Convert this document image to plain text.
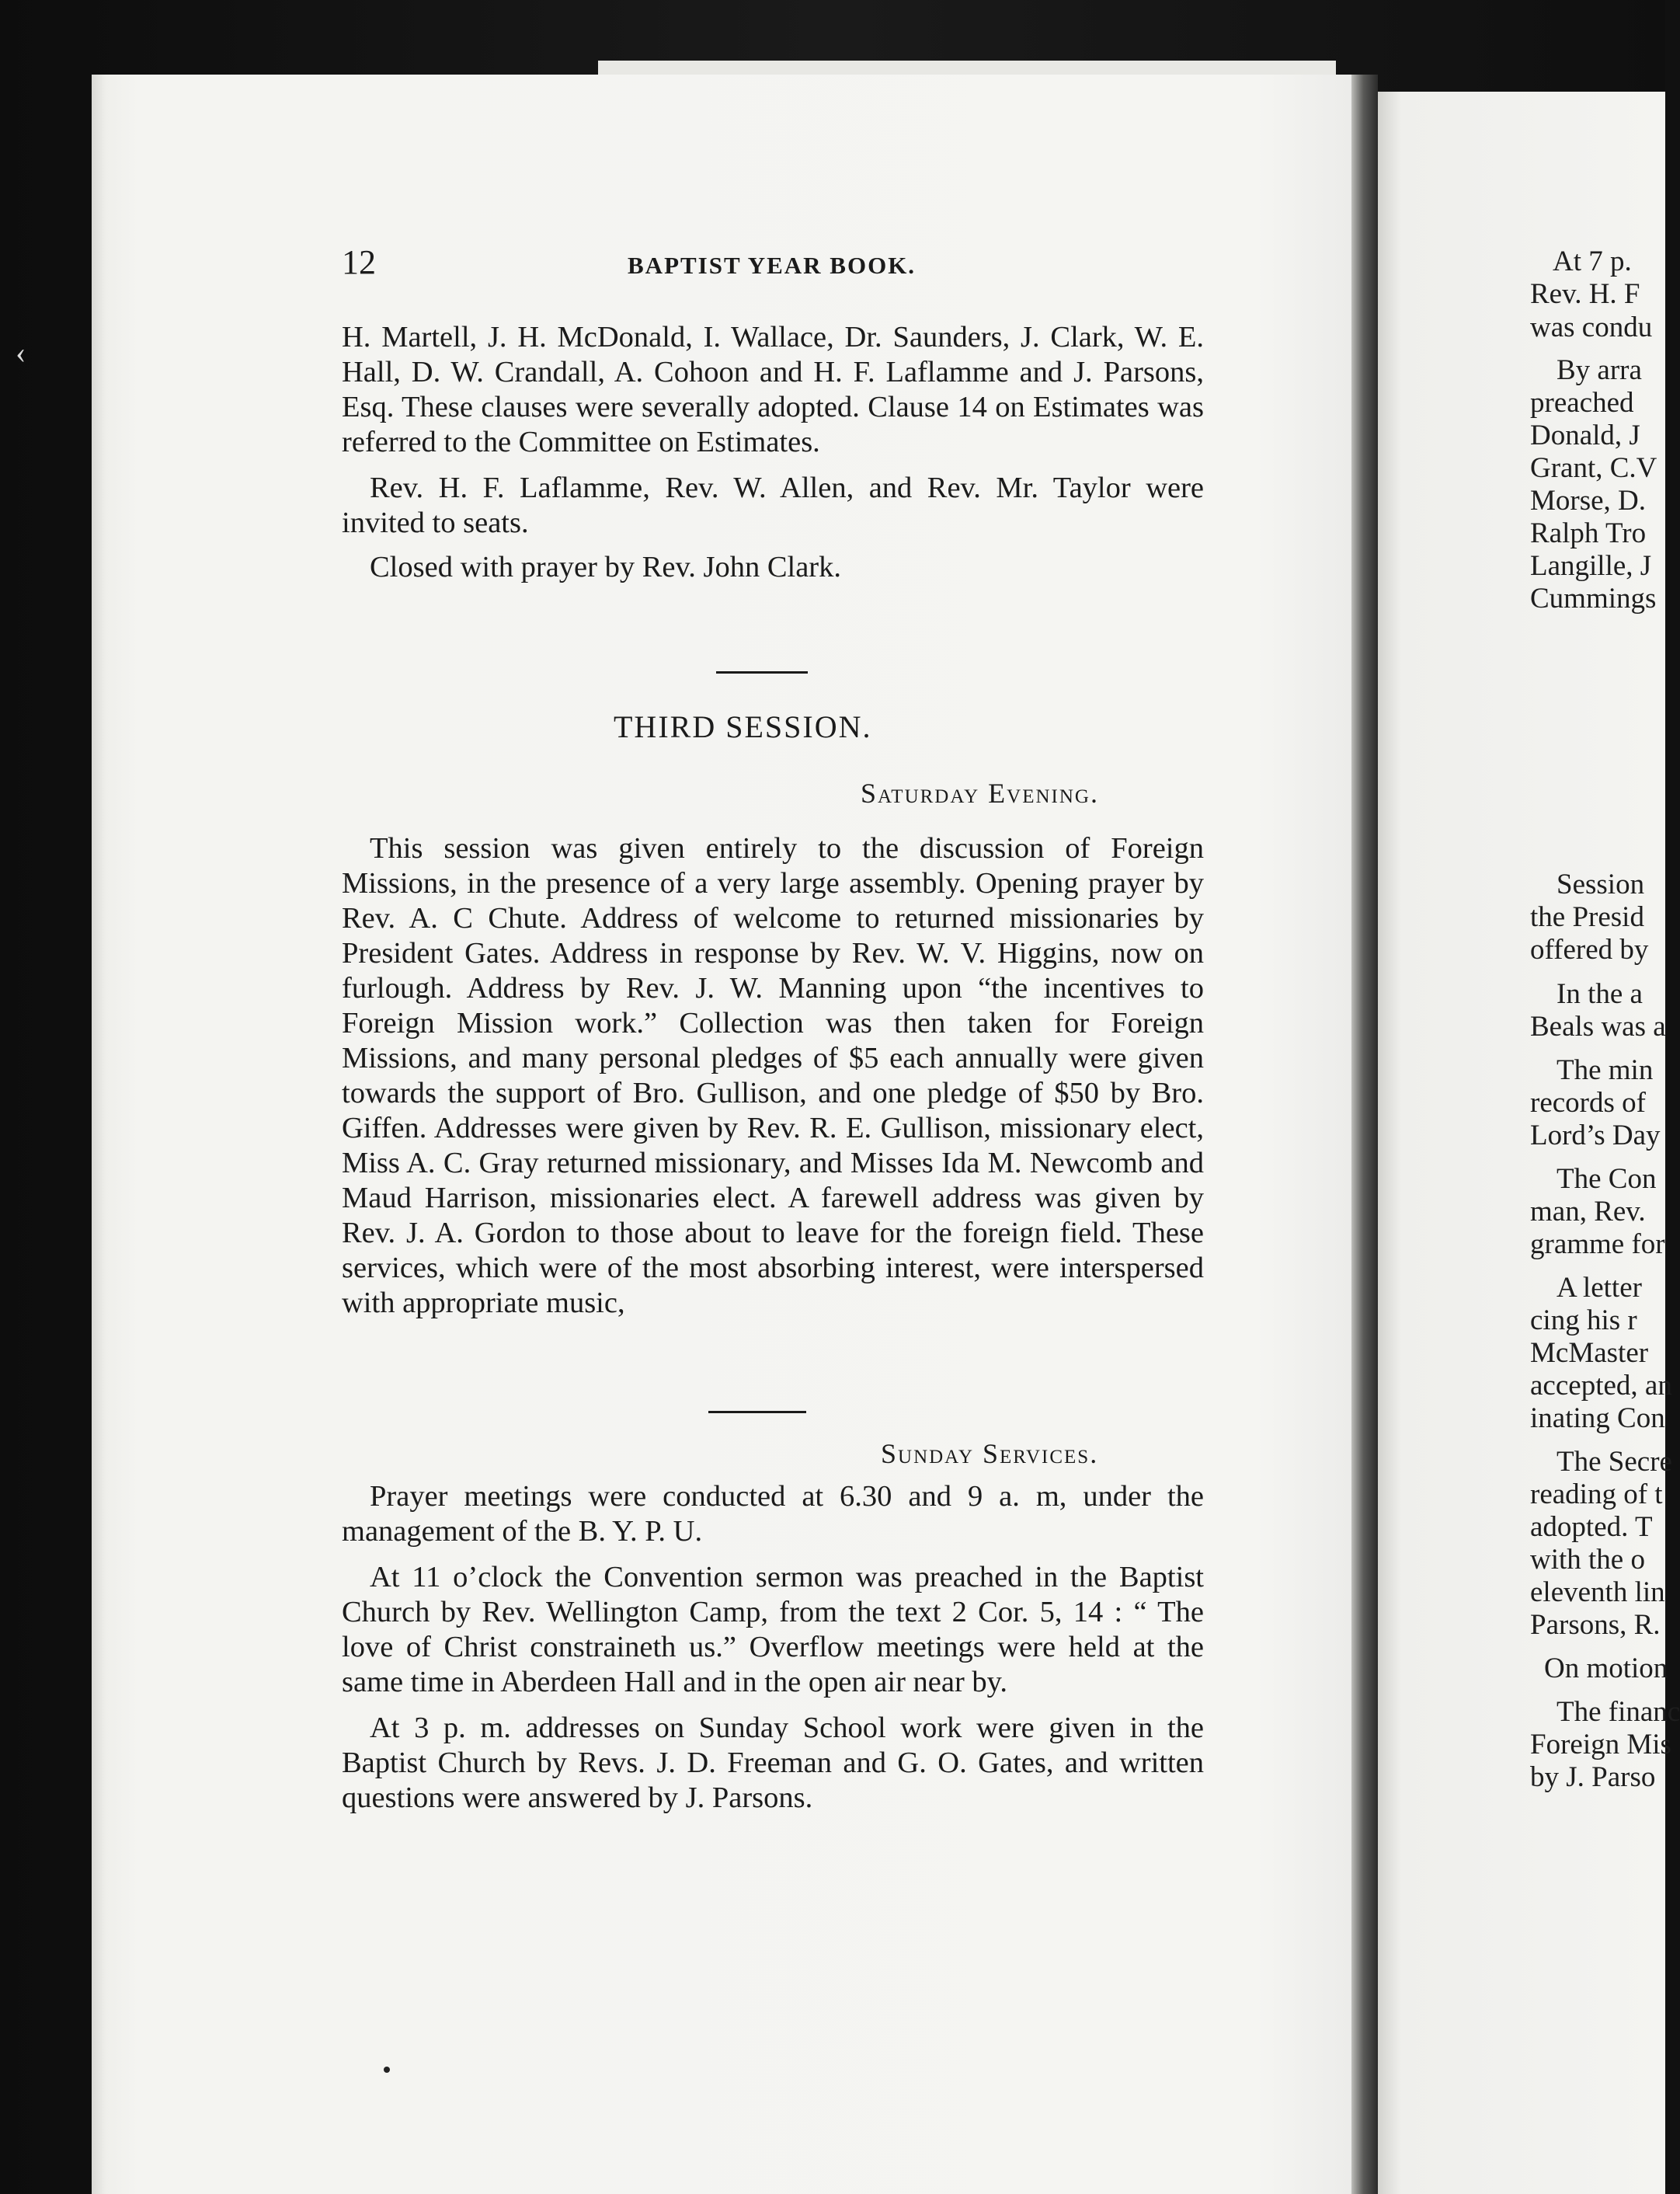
12	BAPTIST YEAR BOOK.

H. Martell, J. H. McDonald, I. Wallace, Dr. Saunders, J. Clark, W. E. Hall, D. W. Crandall, A. Cohoon and H. F. Laflamme and J. Parsons, Esq. These clauses were severally adopted. Clause 14 on Estimates was referred to the Committee on Estimates.

Rev. H. F. Laflamme, Rev. W. Allen, and Rev. Mr. Taylor were invited to seats.

Closed with prayer by Rev. John Clark.

THIRD SESSION.
Saturday Evening.

This session was given entirely to the discussion of Foreign Missions, in the presence of a very large assembly. Opening prayer by Rev. A. C Chute. Address of welcome to returned missionaries by President Gates. Address in response by Rev. W. V. Higgins, now on furlough. Address by Rev. J. W. Manning upon “the incentives to Foreign Mission work.” Collection was then taken for Foreign Missions, and many personal pledges of $5 each annually were given towards the support of Bro. Gullison, and one pledge of $50 by Bro. Giffen. Addresses were given by Rev. R. E. Gullison, missionary elect, Miss A. C. Gray returned missionary, and Misses Ida M. Newcomb and Maud Harrison, missionaries elect. A farewell address was given by Rev. J. A. Gordon to those about to leave for the foreign field. These services, which were of the most absorbing interest, were interspersed with appropriate music,

Sunday Services.

Prayer meetings were conducted at 6.30 and 9 a. m, under the management of the B. Y. P. U.

At 11 o’clock the Convention sermon was preached in the Baptist Church by Rev. Wellington Camp, from the text 2 Cor. 5, 14 : “ The love of Christ constraineth us.” Overflow meetings were held at the same time in Aberdeen Hall and in the open air near by.

At 3 p. m. addresses on Sunday School work were given in the Baptist Church by Revs. J. D. Freeman and G. O. Gates, and written questions were answered by J. Parsons.

‹
At 7 p.
Rev. H. F
was condu
By arra
preached
Donald, J
Grant, C.V
Morse, D.
Ralph Tro
Langille, J
Cummings
Session
the Presid
offered by
In the a
Beals was a
The min
records of
Lord’s Day
The Con
man, Rev.
gramme for
A letter
cing his r
McMaster
accepted, an
inating Con
The Secre
reading of t
adopted. T
with the o
eleventh lin
Parsons, R.
On motion
The financ
Foreign Mis
by J. Parso
